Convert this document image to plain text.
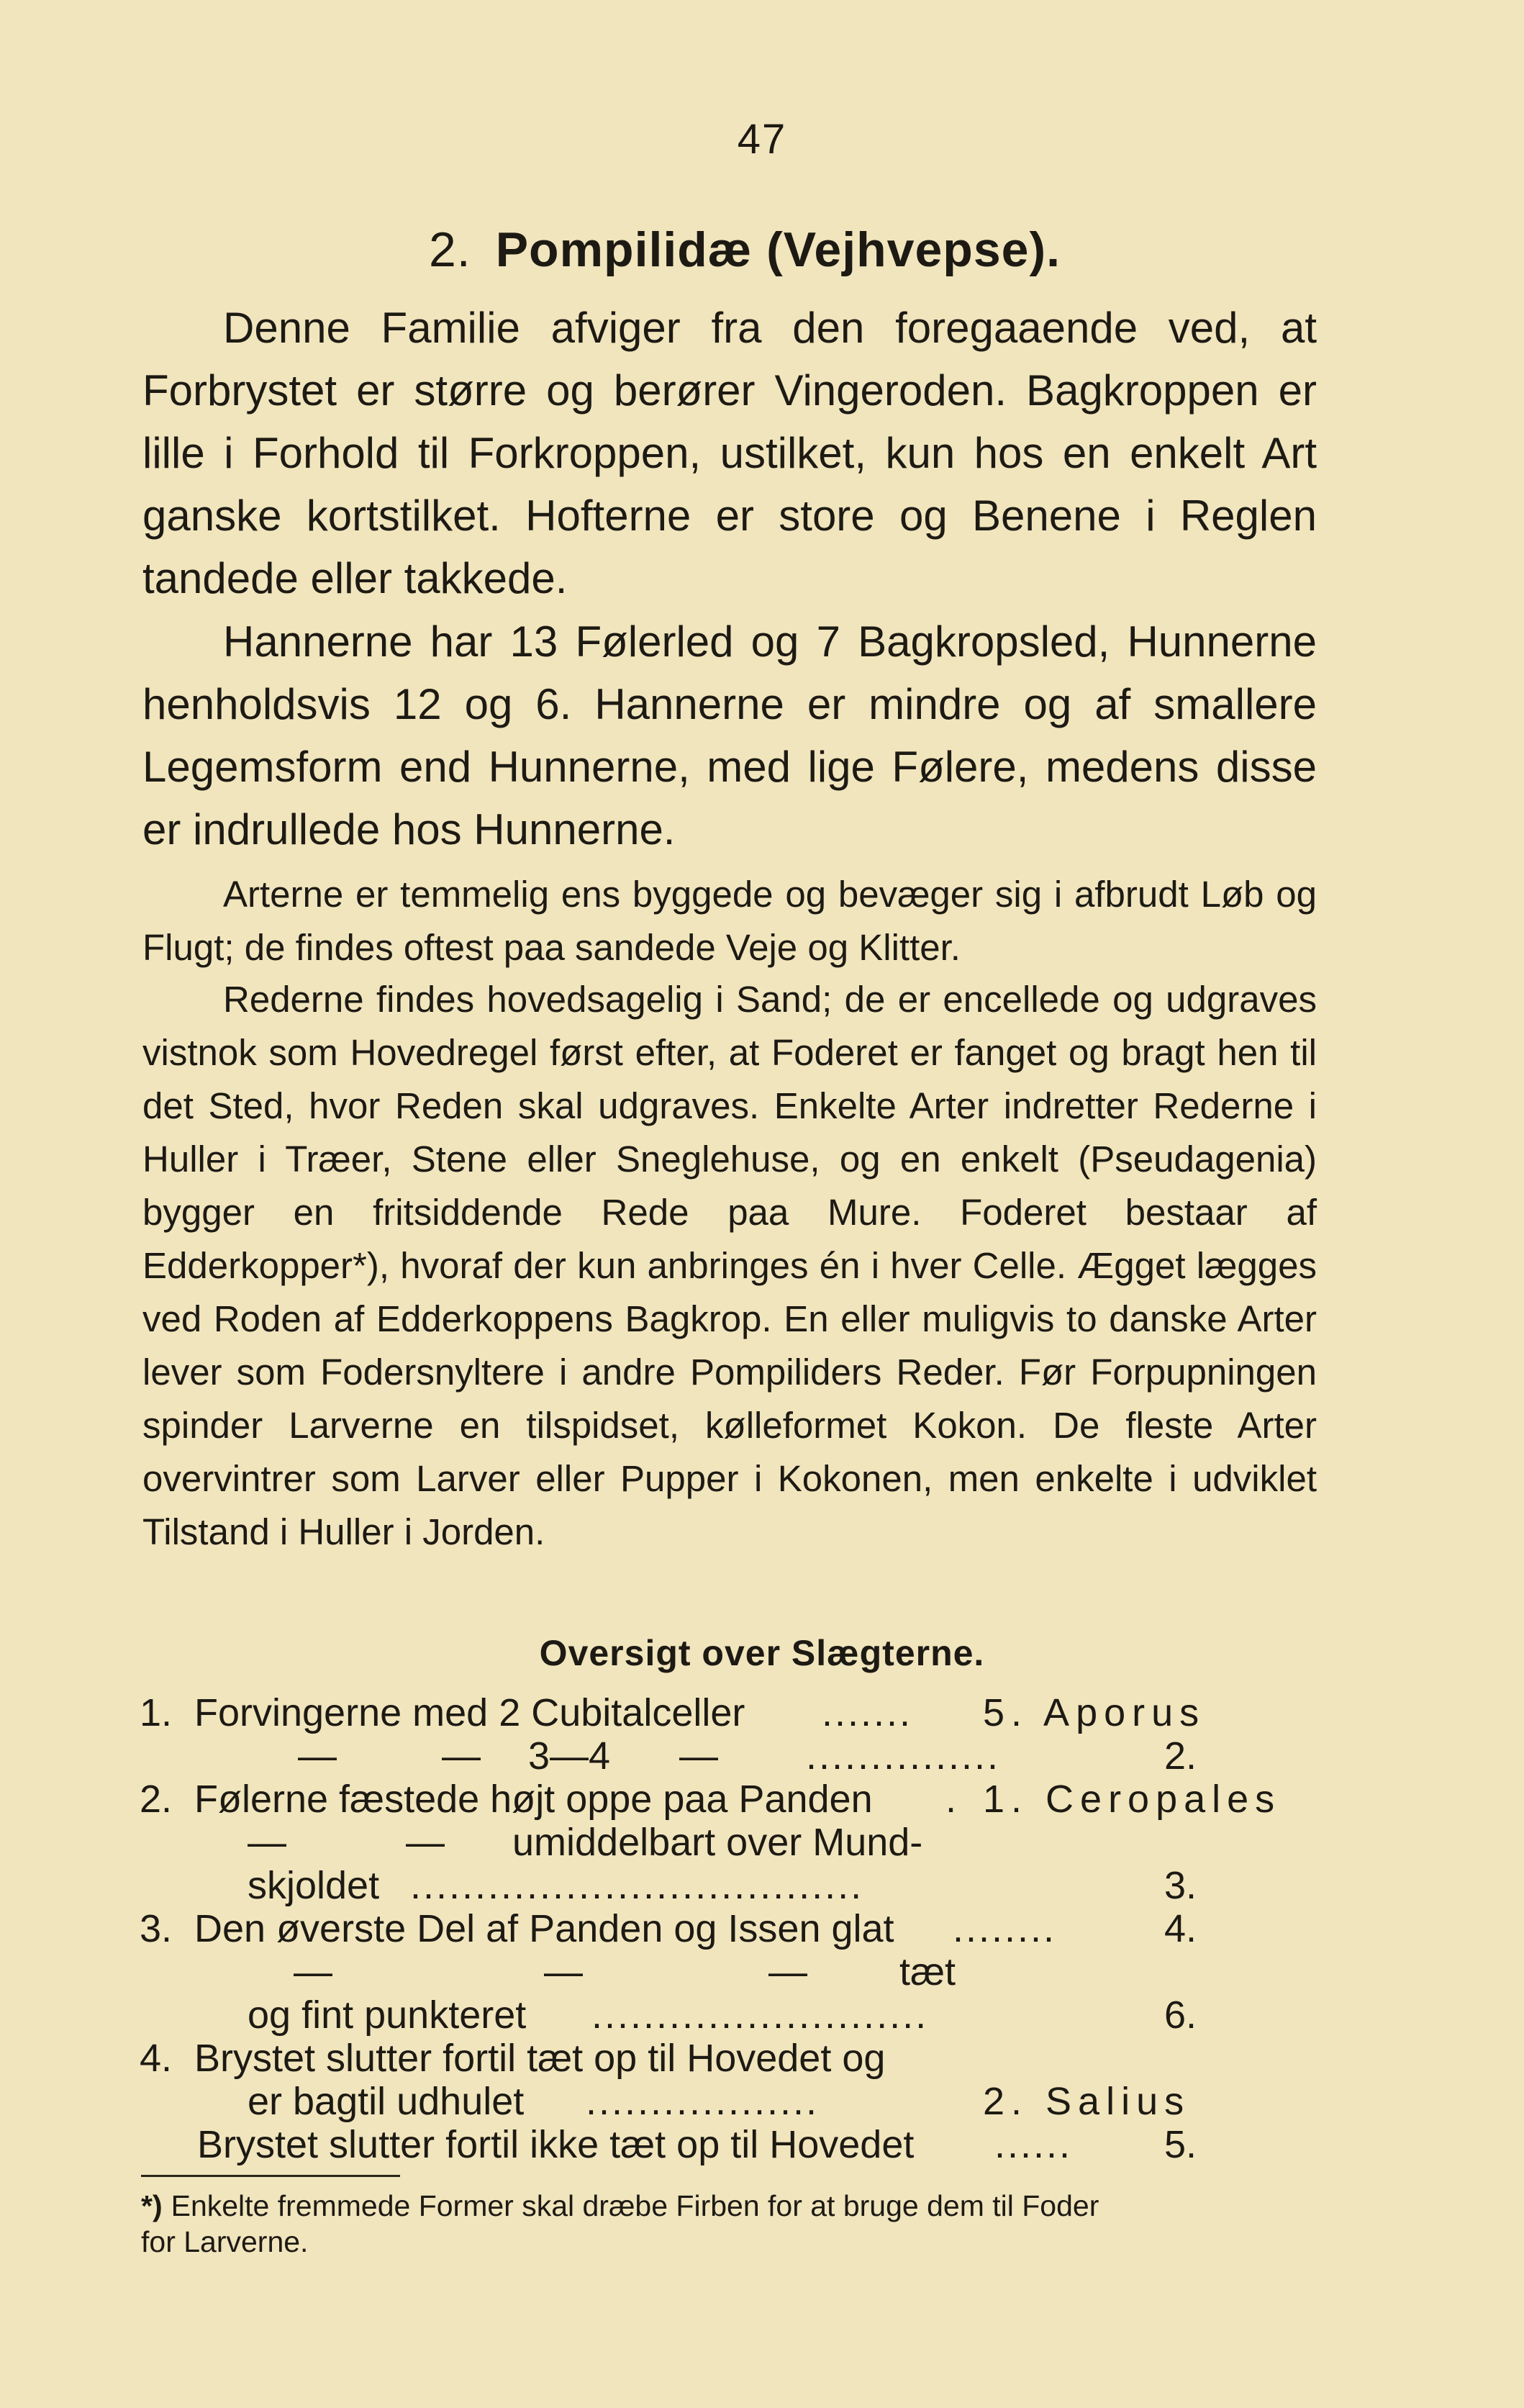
47
2. Pompilidæ (Vejhvepse).
Denne Familie afviger fra den foregaaende ved, at Forbrystet er større og berører Vingeroden. Bagkroppen er lille i Forhold til Forkroppen, ustilket, kun hos en enkelt Art ganske kortstilket. Hofterne er store og Benene i Reglen tandede eller takkede.
Hannerne har 13 Følerled og 7 Bagkropsled, Hunnerne henholdsvis 12 og 6. Hannerne er mindre og af smallere Legemsform end Hunnerne, med lige Følere, medens disse er indrullede hos Hunnerne.
Arterne er temmelig ens byggede og bevæger sig i afbrudt Løb og Flugt; de findes oftest paa sandede Veje og Klitter.
Rederne findes hovedsagelig i Sand; de er encellede og udgraves vistnok som Hovedregel først efter, at Foderet er fanget og bragt hen til det Sted, hvor Reden skal udgraves. Enkelte Arter indretter Rederne i Huller i Træer, Stene eller Sneglehuse, og en enkelt (Pseudagenia) bygger en fritsiddende Rede paa Mure. Foderet bestaar af Edderkopper*), hvoraf der kun anbringes én i hver Celle. Ægget lægges ved Roden af Edderkoppens Bagkrop. En eller muligvis to danske Arter lever som Fodersnyltere i andre Pompiliders Reder. Før Forpupningen spinder Larverne en tilspidset, kølleformet Kokon. De fleste Arter overvintrer som Larver eller Pupper i Kokonen, men enkelte i udviklet Tilstand i Huller i Jorden.
Oversigt over Slægterne.
1. Forvingerne med 2 Cubitalceller ....... 5. Aporus
—	— 3—4 — ...............	2.
2. Følerne fæstede højt oppe paa Panden . 1. Ceropales
—	— umiddelbart over Mund-
skjoldet ...................................	3.
3. Den øverste Del af Panden og Issen glat ........	4.
—	—	— tæt
og fint punkteret ..........................	6.
4. Brystet slutter fortil tæt op til Hovedet og
er bagtil udhulet ..................	2. Salius
Brystet slutter fortil ikke tæt op til Hovedet ...... 5.
*) Enkelte fremmede Former skal dræbe Firben for at bruge dem til Foder
for Larverne.
